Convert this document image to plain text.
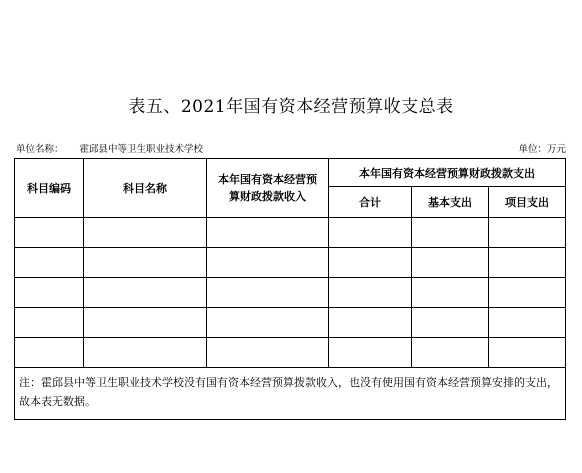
表五、2021年国有资本经营预算收支总表
单位名称： 霍邱县中等卫生职业技术学校	单位：万元
科目编码	科目名称	本年国有资本经营预算财政拨款收入	本年国有资本经营预算财政拨款支出		
			合计	基本支出	项目支出

注：霍邱县中等卫生职业技术学校没有国有资本经营预算拨款收入，也没有使用国有资本经营预算安排的支出，故本表无数据。					
